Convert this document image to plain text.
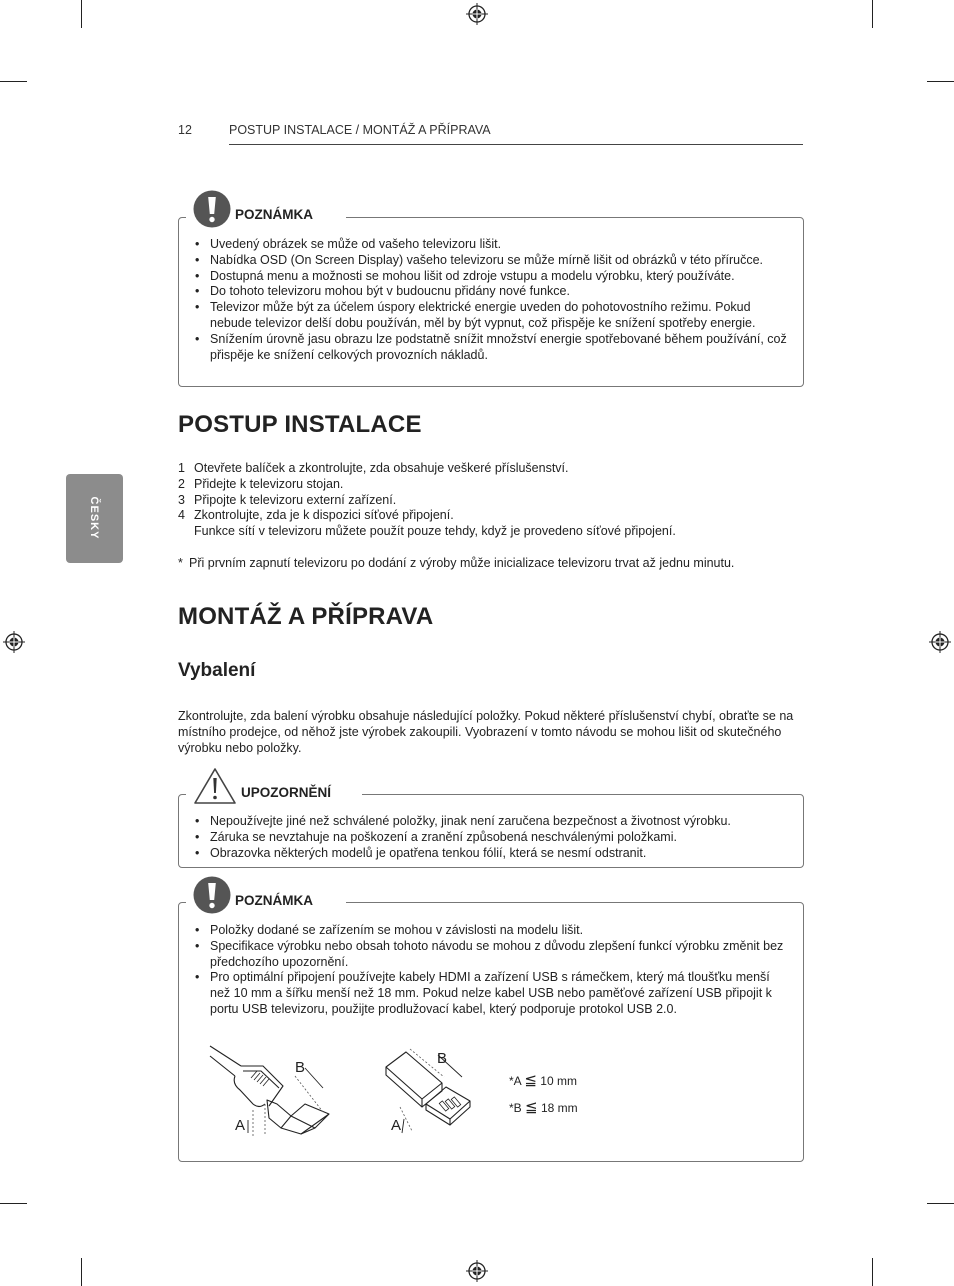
12	POSTUP INSTALACE / MONTÁŽ A PŘÍPRAVA
ČESKY
• Uvedený obrázek se může od vašeho televizoru lišit.
• Nabídka OSD (On Screen Display) vašeho televizoru se může mírně lišit od obrázků v této příručce.
• Dostupná menu a možnosti se mohou lišit od zdroje vstupu a modelu výrobku, který používáte.
• Do tohoto televizoru mohou být v budoucnu přidány nové funkce.
• Televizor může být za účelem úspory elektrické energie uveden do pohotovostního režimu. Pokud nebude televizor delší dobu používán, měl by být vypnut, což přispěje ke snížení spotřeby energie.
• Snížením úrovně jasu obrazu lze podstatně snížit množství energie spotřebované během používání, což přispěje ke snížení celkových provozních nákladů.
POZNÁMKA
POSTUP INSTALACE
1 Otevřete balíček a zkontrolujte, zda obsahuje veškeré příslušenství.
2 Přidejte k televizoru stojan.
3 Připojte k televizoru externí zařízení.
4 Zkontrolujte, zda je k dispozici síťové připojení.
Funkce sítí v televizoru můžete použít pouze tehdy, když je provedeno síťové připojení.
* Při prvním zapnutí televizoru po dodání z výroby může inicializace televizoru trvat až jednu minutu.
MONTÁŽ A PŘÍPRAVA
Vybalení
Zkontrolujte, zda balení výrobku obsahuje následující položky. Pokud některé příslušenství chybí, obraťte se na místního prodejce, od něhož jste výrobek zakoupili. Vyobrazení v tomto návodu se mohou lišit od skutečného výrobku nebo položky.
• Nepoužívejte jiné než schválené položky, jinak není zaručena bezpečnost a životnost výrobku.
• Záruka se nevztahuje na poškození a zranění způsobená neschválenými položkami.
• Obrazovka některých modelů je opatřena tenkou fólií, která se nesmí odstranit.
UPOZORNĚNÍ
• Položky dodané se zařízením se mohou v závislosti na modelu lišit.
• Specifikace výrobku nebo obsah tohoto návodu se mohou z důvodu zlepšení funkcí výrobku změnit bez předchozího upozornění.
• Pro optimální připojení používejte kabely HDMI a zařízení USB s rámečkem, který má tloušťku menší než 10 mm a šířku menší než 18 mm. Pokud nelze kabel USB nebo paměťové zařízení USB připojit k portu USB televizoru, použijte prodlužovací kabel, který podporuje protokol USB 2.0.
POZNÁMKA
B
A
B
A
*A ≦ 10 mm
*B ≦ 18 mm
